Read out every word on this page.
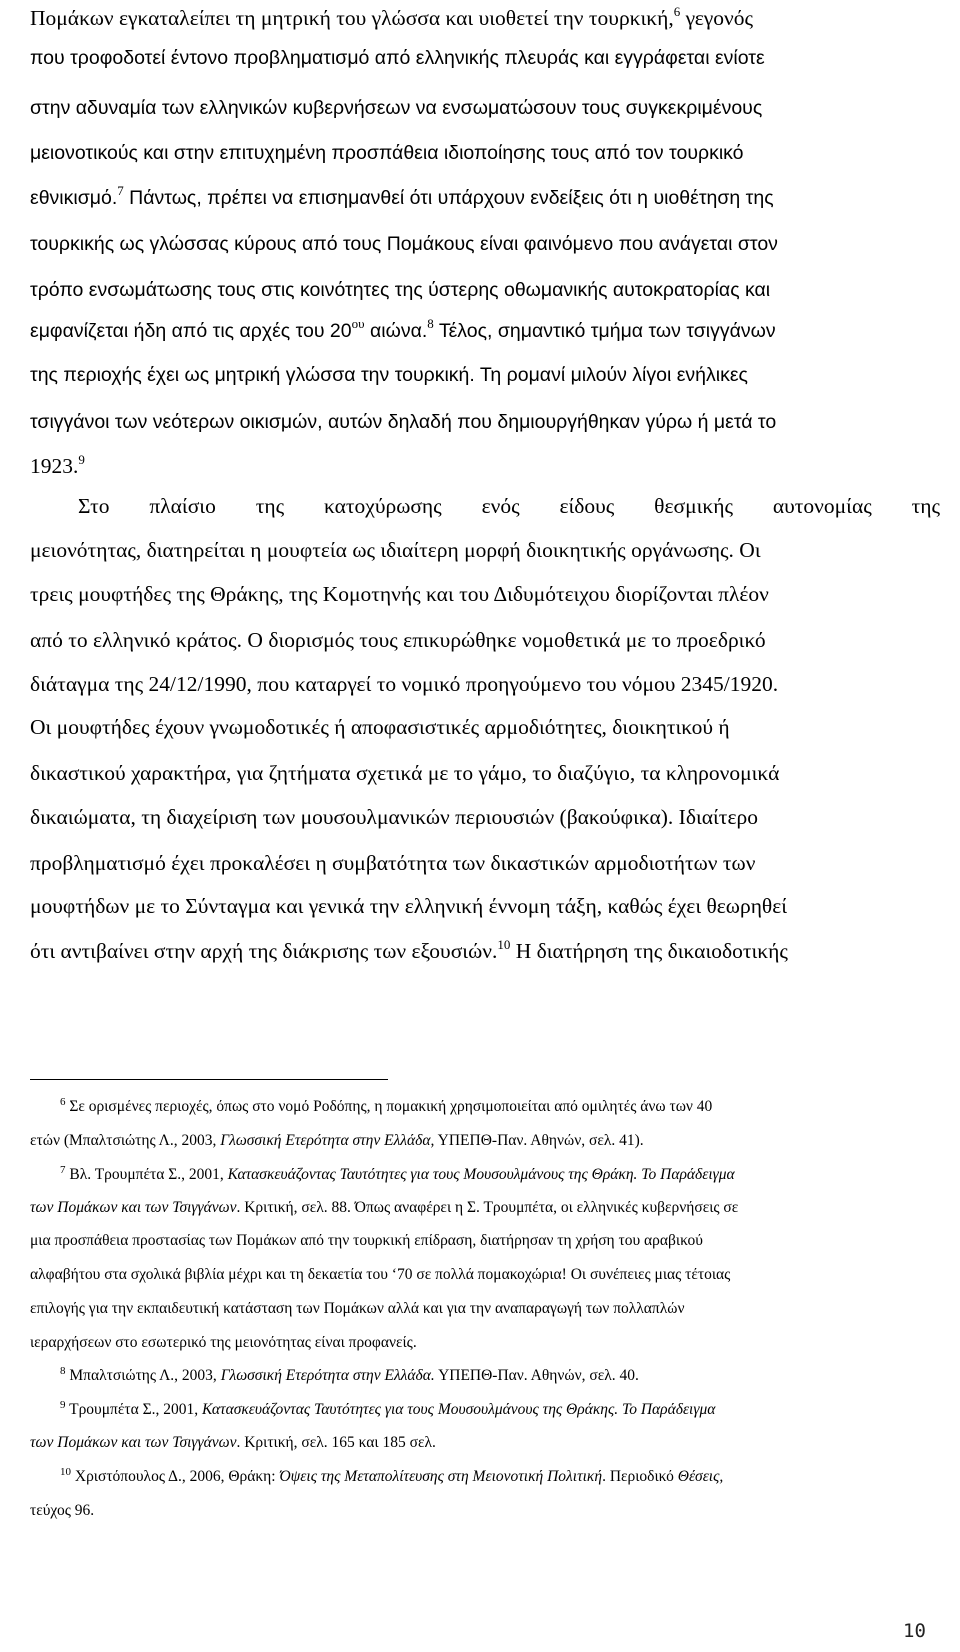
Πομάκων εγκαταλείπει τη μητρική του γλώσσα και υιοθετεί την τουρκική,$^6$ γεγονός
που τροφοδοτεί έντονο προβληματισμό από ελληνικής πλευράς και εγγράφεται ενίοτε
στην αδυναμία των ελληνικών κυβερνήσεων να ενσωματώσουν τους συγκεκριμένους
μειονοτικούς και στην επιτυχημένη προσπάθεια ιδιοποίησης τους από τον τουρκικό
εθνικισμό.$^7$ Πάντως, πρέπει να επισημανθεί ότι υπάρχουν ενδείξεις ότι η υιοθέτηση της
τουρκικής ως γλώσσας κύρους από τους Πομάκους είναι φαινόμενο που ανάγεται στον
τρόπο ενσωμάτωσης τους στις κοινότητες της ύστερης οθωμανικής αυτοκρατορίας και
εμφανίζεται ήδη από τις αρχές του $20^{o\upsilon}$ αιώνα.$^8$ Τέλος, σημαντικό τμήμα των τσιγγάνων
της περιοχής έχει ως μητρική γλώσσα την τουρκική. Τη ρομανί μιλούν λίγοι ενήλικες
τσιγγάνοι των νεότερων οικισμών, αυτών δηλαδή που δημιουργήθηκαν γύρω ή μετά το
1923.$^9$
Στο πλαίσιο της κατοχύρωσης ενός είδους θεσμικής αυτονομίας της
μειονότητας, διατηρείται η μουφτεία ως ιδιαίτερη μορφή διοικητικής οργάνωσης. Οι
τρεις μουφτήδες της Θράκης, της Κομοτηνής και του Διδυμότειχου διορίζονται πλέον
από το ελληνικό κράτος. Ο διορισμός τους επικυρώθηκε νομοθετικά με το προεδρικό
διάταγμα της 24/12/1990, που καταργεί το νομικό προηγούμενο του νόμου 2345/1920.
Οι μουφτήδες έχουν γνωμοδοτικές ή αποφασιστικές αρμοδιότητες, διοικητικού ή
δικαστικού χαρακτήρα, για ζητήματα σχετικά με το γάμο, το διαζύγιο, τα κληρονομικά
δικαιώματα, τη διαχείριση των μουσουλμανικών περιουσιών (βακούφικα). Ιδιαίτερο
προβληματισμό έχει προκαλέσει η συμβατότητα των δικαστικών αρμοδιοτήτων των
μουφτήδων με το Σύνταγμα και γενικά την ελληνική έννομη τάξη, καθώς έχει θεωρηθεί
ότι αντιβαίνει στην αρχή της διάκρισης των εξουσιών.$^{10}$ Η διατήρηση της δικαιοδοτικής
$^6$ Σε ορισμένες περιοχές, όπως στο νομό Ροδόπης, η πομακική χρησιμοποιείται από ομιλητές άνω των 40
ετών (Μπαλτσιώτης Λ., 2003, Γλωσσική Ετερότητα στην Ελλάδα, ΥΠΕΠΘ-Παν. Αθηνών, σελ. 41).
$^7$ Βλ. Τρουμπέτα Σ., 2001, Κατασκευάζοντας Ταυτότητες για τους Μουσουλμάνους της Θράκη. Το Παράδειγμα
των Πομάκων και των Τσιγγάνων. Κριτική, σελ. 88. Όπως αναφέρει η Σ. Τρουμπέτα, οι ελληνικές κυβερνήσεις σε
μια προσπάθεια προστασίας των Πομάκων από την τουρκική επίδραση, διατήρησαν τη χρήση του αραβικού
αλφαβήτου στα σχολικά βιβλία μέχρι και τη δεκαετία του ‘70 σε πολλά πομακοχώρια! Οι συνέπειες μιας τέτοιας
επιλογής για την εκπαιδευτική κατάσταση των Πομάκων αλλά και για την αναπαραγωγή των πολλαπλών
ιεραρχήσεων στο εσωτερικό της μειονότητας είναι προφανείς.
$^8$ Μπαλτσιώτης Λ., 2003, Γλωσσική Ετερότητα στην Ελλάδα. ΥΠΕΠΘ-Παν. Αθηνών, σελ. 40.
$^9$ Τρουμπέτα Σ., 2001, Κατασκευάζοντας Ταυτότητες για τους Μουσουλμάνους της Θράκης. Το Παράδειγμα
των Πομάκων και των Τσιγγάνων. Κριτική, σελ. 165 και 185 σελ.
$^{10}$ Χριστόπουλος Δ., 2006, Θράκη: Όψεις της Μεταπολίτευσης στη Μειονοτική Πολιτική. Περιοδικό Θέσεις,
τεύχος 96.
10
